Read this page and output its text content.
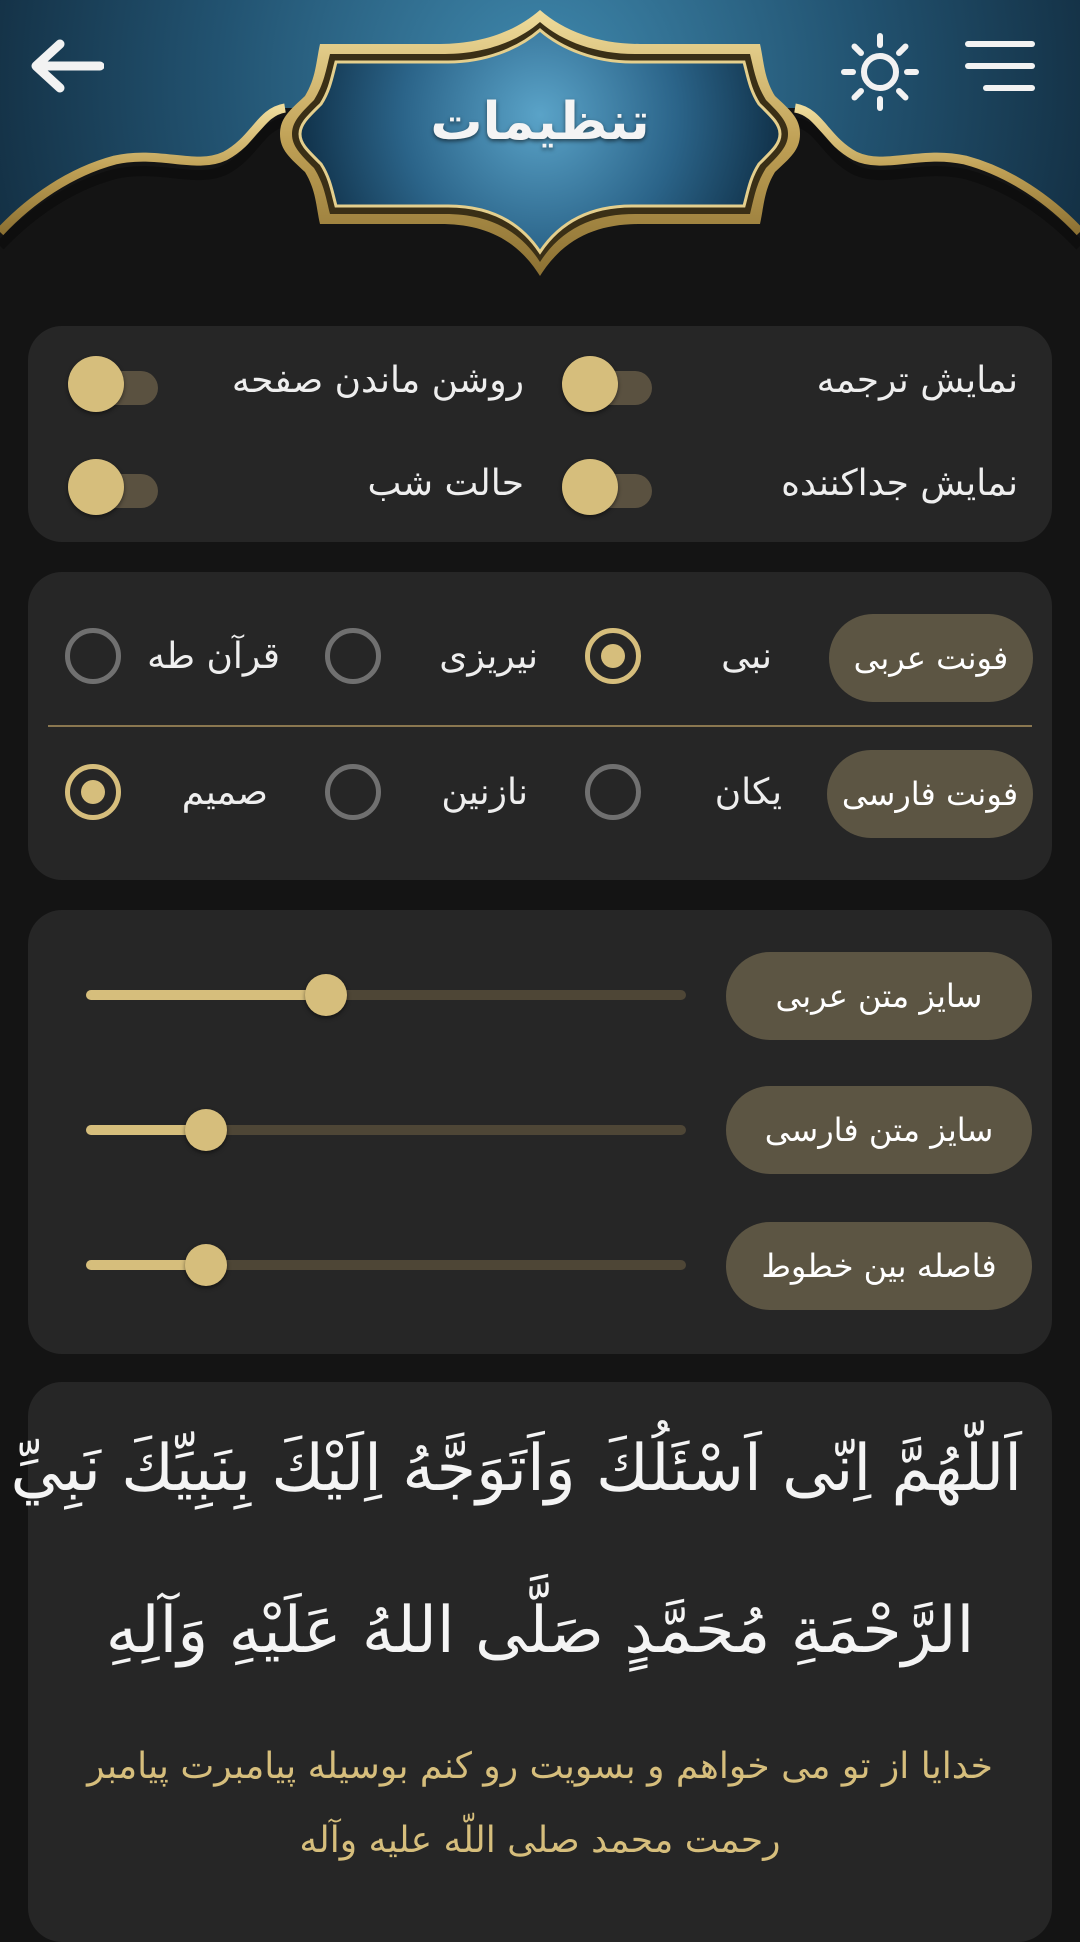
تنظیمات
نمایش ترجمه
روشن ماندن صفحه
نمایش جداکننده
حالت شب
فونت عربی
نبی
نیریزی
قرآن طه
فونت فارسی
یکان
نازنین
صمیم
سایز متن عربی
سایز متن فارسی
فاصله بین خطوط
اَللّهُمَّ اِنّی اَسْئَلُكَ وَاَتَوَجَّهُ اِلَيْكَ بِنَبِيِّكَ نَبِيِّ
الرَّحْمَةِ مُحَمَّدٍ صَلَّى اللهُ عَلَيْهِ وَآلِهِ
خدایا از تو می خواهم و بسویت رو کنم بوسیله پیامبرت پیامبر رحمت محمد صلی اللّه علیه وآله
